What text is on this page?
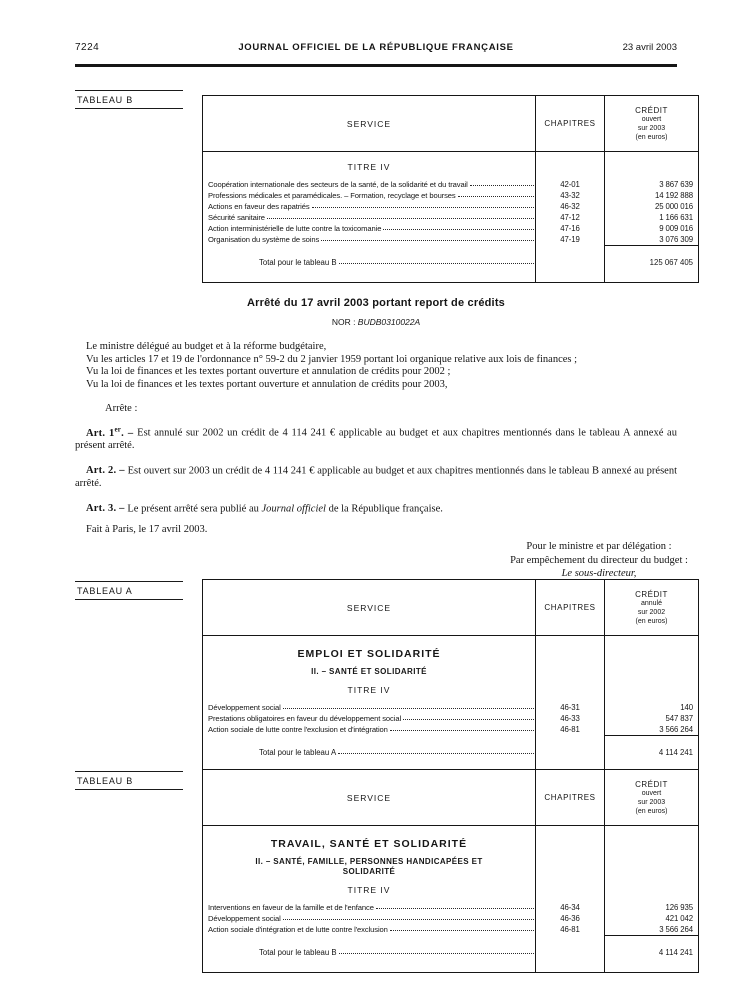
7224	JOURNAL OFFICIEL DE LA RÉPUBLIQUE FRANÇAISE	23 avril 2003
TABLEAU B
TABLEAU A
TABLEAU B
SERVICE	CHAPITRES
CRÉDIT
ouvert
sur 2003
(en euros)
TITRE IV
Coopération internationale des secteurs de la santé, de la solidarité et du travail	42-01	3 867 639
Professions médicales et paramédicales. – Formation, recyclage et bourses	43-32	14 192 888
Actions en faveur des rapatriés	46-32	25 000 016
Sécurité sanitaire	47-12	1 166 631
Action interministérielle de lutte contre la toxicomanie	47-16	9 009 016
Organisation du système de soins	47-19	3 076 309
Total pour le tableau B	125 067 405
Arrêté du 17 avril 2003 portant report de crédits
NOR : BUDB0310022A

Le ministre délégué au budget et à la réforme budgétaire,

Vu les articles 17 et 19 de l'ordonnance n° 59-2 du 2 janvier 1959 portant loi organique relative aux lois de finances ;

Vu la loi de finances et les textes portant ouverture et annulation de crédits pour 2002 ;

Vu la loi de finances et les textes portant ouverture et annulation de crédits pour 2003,

Arrête :

Art. 1er. – Est annulé sur 2002 un crédit de 4 114 241 € applicable au budget et aux chapitres mentionnés dans le tableau A annexé au présent arrêté.

Art. 2. – Est ouvert sur 2003 un crédit de 4 114 241 € applicable au budget et aux chapitres mentionnés dans le tableau B annexé au présent arrêté.

Art. 3. – Le présent arrêté sera publié au Journal officiel de la République française.

Fait à Paris, le 17 avril 2003.

Pour le ministre et par délégation :
Par empêchement du directeur du budget :
Le sous-directeur,
SERVICE	CHAPITRES
CRÉDIT
annulé
sur 2002
(en euros)
EMPLOI ET SOLIDARITÉ
II. – SANTÉ ET SOLIDARITÉ
TITRE IV
Développement social	46-31	140
Prestations obligatoires en faveur du développement social	46-33	547 837
Action sociale de lutte contre l'exclusion et d'intégration	46-81	3 566 264
Total pour le tableau A	4 114 241
SERVICE	CHAPITRES
CRÉDIT
ouvert
sur 2003
(en euros)
TRAVAIL, SANTÉ ET SOLIDARITÉ
II. – SANTÉ, FAMILLE, PERSONNES HANDICAPÉES ET SOLIDARITÉ
TITRE IV
Interventions en faveur de la famille et de l'enfance	46-34	126 935
Développement social	46-36	421 042
Action sociale d'intégration et de lutte contre l'exclusion	46-81	3 566 264
Total pour le tableau B	4 114 241
